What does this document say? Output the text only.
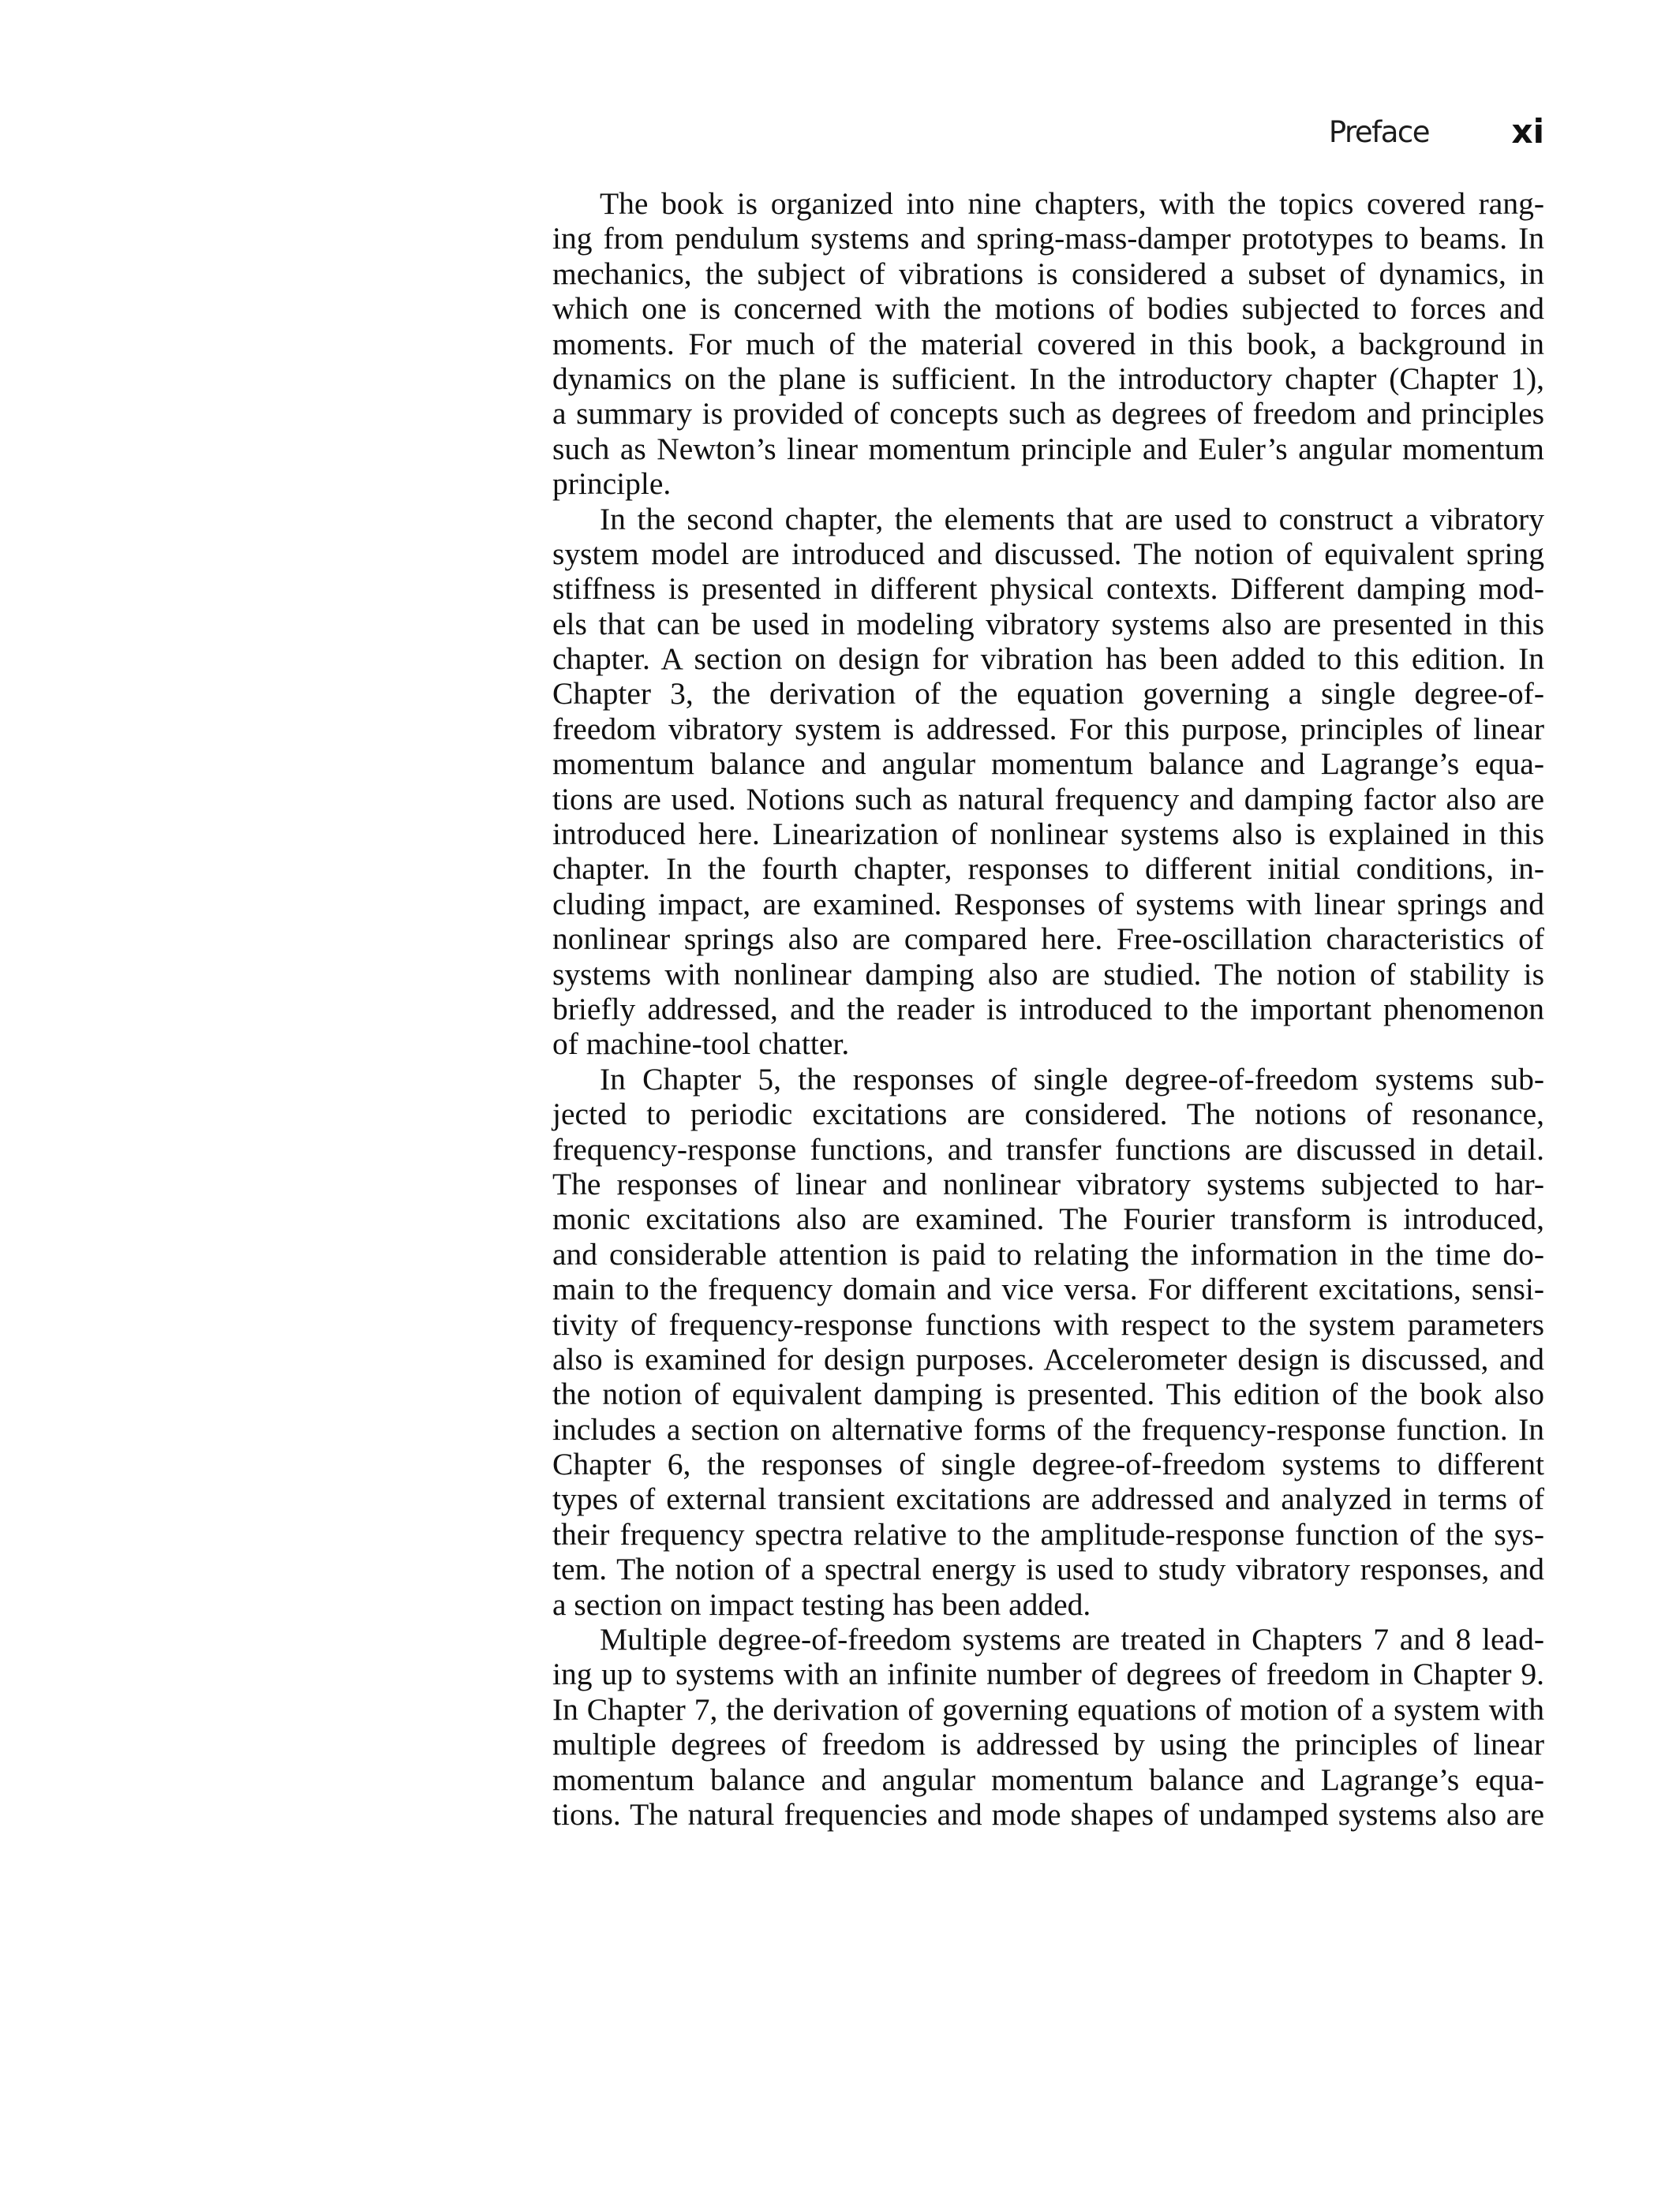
Preface xi
The book is organized into nine chapters, with the topics covered rang-
ing from pendulum systems and spring-mass-damper prototypes to beams. In
mechanics, the subject of vibrations is considered a subset of dynamics, in
which one is concerned with the motions of bodies subjected to forces and
moments. For much of the material covered in this book, a background in
dynamics on the plane is sufficient. In the introductory chapter (Chapter 1),
a summary is provided of concepts such as degrees of freedom and principles
such as Newton’s linear momentum principle and Euler’s angular momentum
principle.
In the second chapter, the elements that are used to construct a vibratory
system model are introduced and discussed. The notion of equivalent spring
stiffness is presented in different physical contexts. Different damping mod-
els that can be used in modeling vibratory systems also are presented in this
chapter. A section on design for vibration has been added to this edition. In
Chapter 3, the derivation of the equation governing a single degree-of-
freedom vibratory system is addressed. For this purpose, principles of linear
momentum balance and angular momentum balance and Lagrange’s equa-
tions are used. Notions such as natural frequency and damping factor also are
introduced here. Linearization of nonlinear systems also is explained in this
chapter. In the fourth chapter, responses to different initial conditions, in-
cluding impact, are examined. Responses of systems with linear springs and
nonlinear springs also are compared here. Free-oscillation characteristics of
systems with nonlinear damping also are studied. The notion of stability is
briefly addressed, and the reader is introduced to the important phenomenon
of machine-tool chatter.
In Chapter 5, the responses of single degree-of-freedom systems sub-
jected to periodic excitations are considered. The notions of resonance,
frequency-response functions, and transfer functions are discussed in detail.
The responses of linear and nonlinear vibratory systems subjected to har-
monic excitations also are examined. The Fourier transform is introduced,
and considerable attention is paid to relating the information in the time do-
main to the frequency domain and vice versa. For different excitations, sensi-
tivity of frequency-response functions with respect to the system parameters
also is examined for design purposes. Accelerometer design is discussed, and
the notion of equivalent damping is presented. This edition of the book also
includes a section on alternative forms of the frequency-response function. In
Chapter 6, the responses of single degree-of-freedom systems to different
types of external transient excitations are addressed and analyzed in terms of
their frequency spectra relative to the amplitude-response function of the sys-
tem. The notion of a spectral energy is used to study vibratory responses, and
a section on impact testing has been added.
Multiple degree-of-freedom systems are treated in Chapters 7 and 8 lead-
ing up to systems with an infinite number of degrees of freedom in Chapter 9.
In Chapter 7, the derivation of governing equations of motion of a system with
multiple degrees of freedom is addressed by using the principles of linear
momentum balance and angular momentum balance and Lagrange’s equa-
tions. The natural frequencies and mode shapes of undamped systems also are
